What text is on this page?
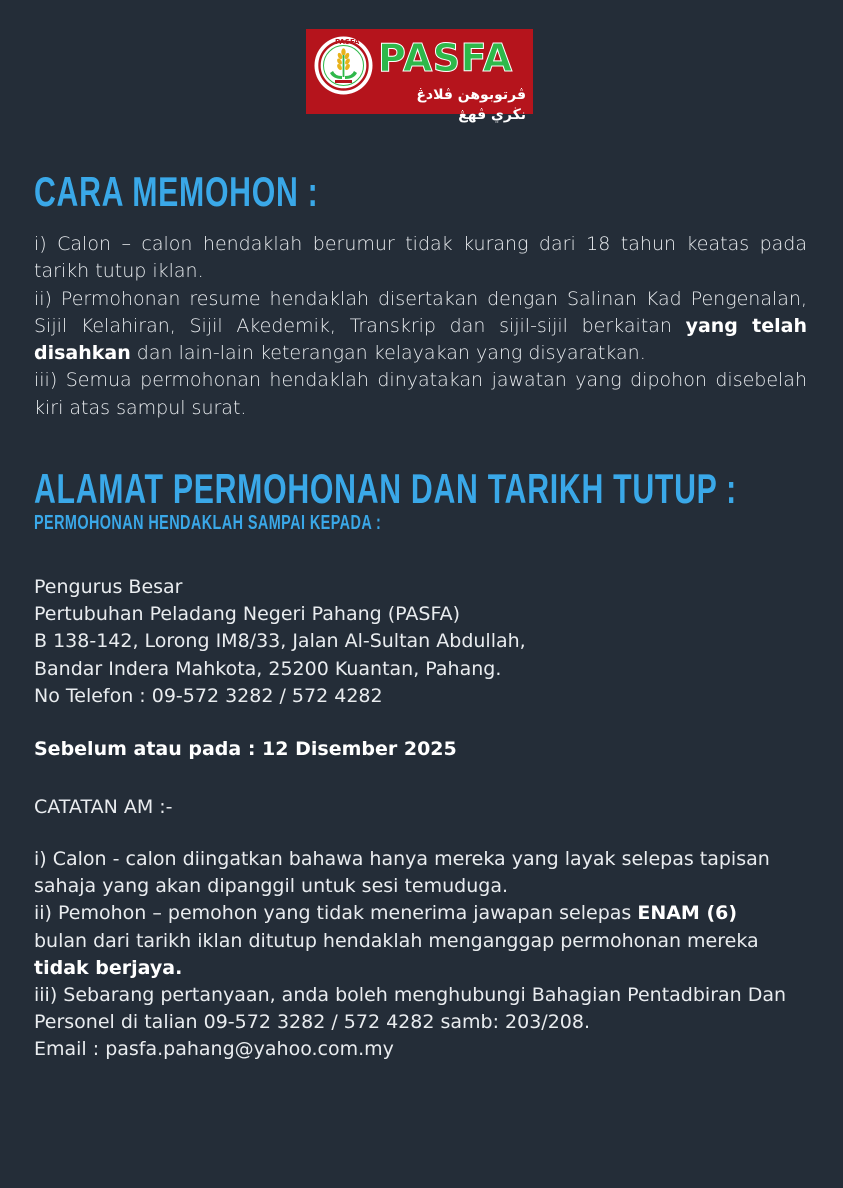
PASFA PASFA
ڤرتوبوهن ڤلادڠ نڬري ڤهڠ
CARA MEMOHON :

i) Calon – calon hendaklah berumur tidak kurang dari 18 tahun keatas pada tarikh tutup iklan.

ii) Permohonan resume hendaklah disertakan dengan Salinan Kad Pengenalan, Sijil Kelahiran, Sijil Akedemik, Transkrip dan sijil-sijil berkaitan yang telah disahkan dan lain-lain keterangan kelayakan yang disyaratkan.

iii) Semua permohonan hendaklah dinyatakan jawatan yang dipohon disebelah kiri atas sampul surat.

ALAMAT PERMOHONAN DAN TARIKH TUTUP :
PERMOHONAN HENDAKLAH SAMPAI KEPADA :
Pengurus Besar
Pertubuhan Peladang Negeri Pahang (PASFA)
B 138-142, Lorong IM8/33, Jalan Al-Sultan Abdullah,
Bandar Indera Mahkota, 25200 Kuantan, Pahang.
No Telefon : 09-572 3282 / 572 4282
Sebelum atau pada : 12 Disember 2025
CATATAN AM :-

i) Calon - calon diingatkan bahawa hanya mereka yang layak selepas tapisan sahaja yang akan dipanggil untuk sesi temuduga.

ii) Pemohon – pemohon yang tidak menerima jawapan selepas ENAM (6) bulan dari tarikh iklan ditutup hendaklah menganggap permohonan mereka tidak berjaya.

iii) Sebarang pertanyaan, anda boleh menghubungi Bahagian Pentadbiran Dan Personel di talian 09-572 3282 / 572 4282 samb: 203/208.

Email : pasfa.pahang@yahoo.com.my
